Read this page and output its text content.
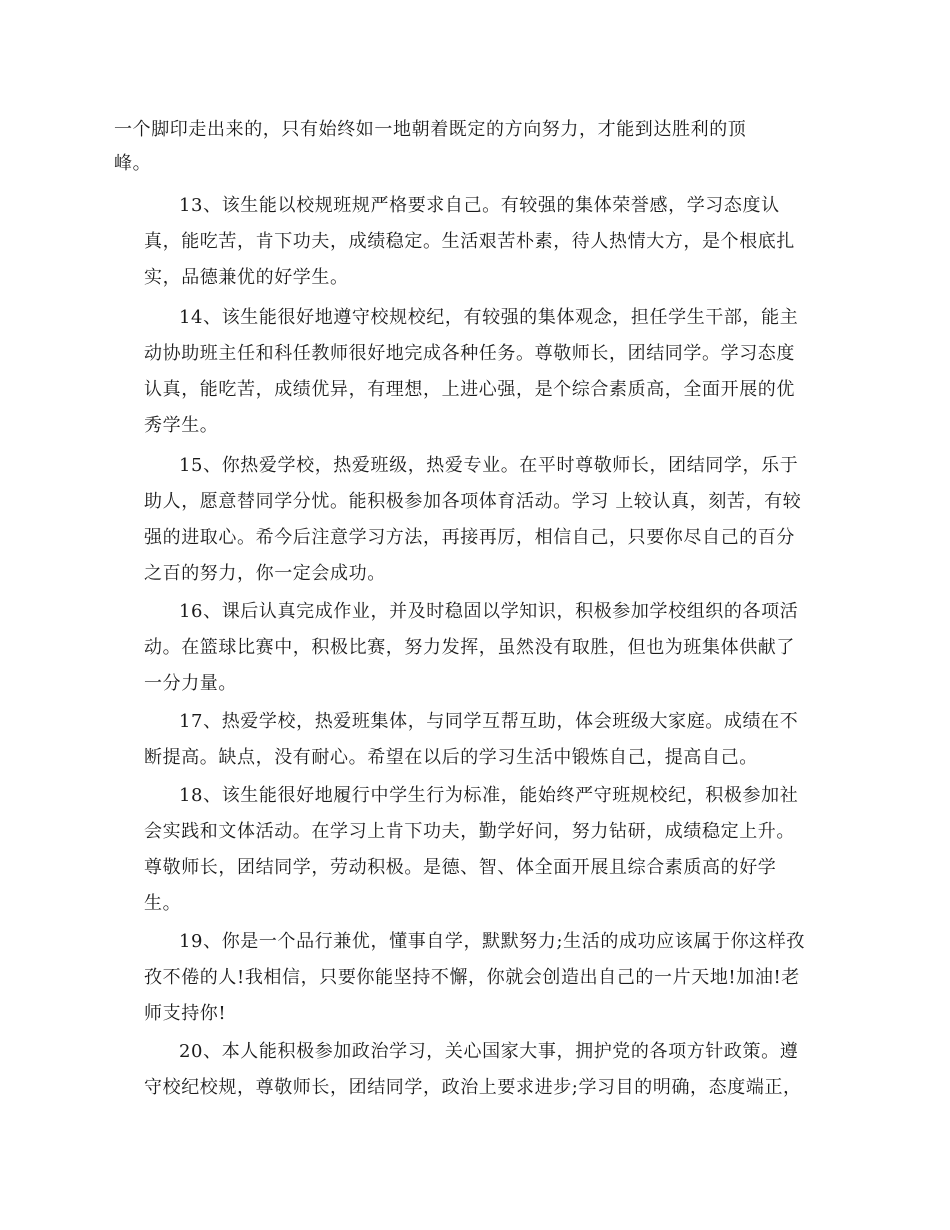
一个脚印走出来的，只有始终如一地朝着既定的方向努力，才能到达胜利的顶
峰。
13、该生能以校规班规严格要求自己。有较强的集体荣誉感，学习态度认
真，能吃苦，肯下功夫，成绩稳定。生活艰苦朴素，待人热情大方，是个根底扎
实，品德兼优的好学生。
14、该生能很好地遵守校规校纪，有较强的集体观念，担任学生干部，能主
动协助班主任和科任教师很好地完成各种任务。尊敬师长，团结同学。学习态度
认真，能吃苦，成绩优异，有理想，上进心强，是个综合素质高，全面开展的优
秀学生。
15、你热爱学校，热爱班级，热爱专业。在平时尊敬师长，团结同学，乐于
助人，愿意替同学分忧。能积极参加各项体育活动。学习 上较认真，刻苦，有较
强的进取心。希今后注意学习方法，再接再厉，相信自己，只要你尽自己的百分
之百的努力，你一定会成功。
16、课后认真完成作业，并及时稳固以学知识，积极参加学校组织的各项活
动。在篮球比赛中，积极比赛，努力发挥，虽然没有取胜，但也为班集体供献了
一分力量。
17、热爱学校，热爱班集体，与同学互帮互助，体会班级大家庭。成绩在不
断提高。缺点，没有耐心。希望在以后的学习生活中锻炼自己，提高自己。
18、该生能很好地履行中学生行为标准，能始终严守班规校纪，积极参加社
会实践和文体活动。在学习上肯下功夫，勤学好问，努力钻研，成绩稳定上升。
尊敬师长，团结同学，劳动积极。是德、智、体全面开展且综合素质高的好学
生。
19、你是一个品行兼优，懂事自学，默默努力;生活的成功应该属于你这样孜
孜不倦的人!我相信，只要你能坚持不懈，你就会创造出自己的一片天地!加油!老
师支持你!
20、本人能积极参加政治学习，关心国家大事，拥护党的各项方针政策。遵
守校纪校规，尊敬师长，团结同学，政治上要求进步;学习目的明确，态度端正，
